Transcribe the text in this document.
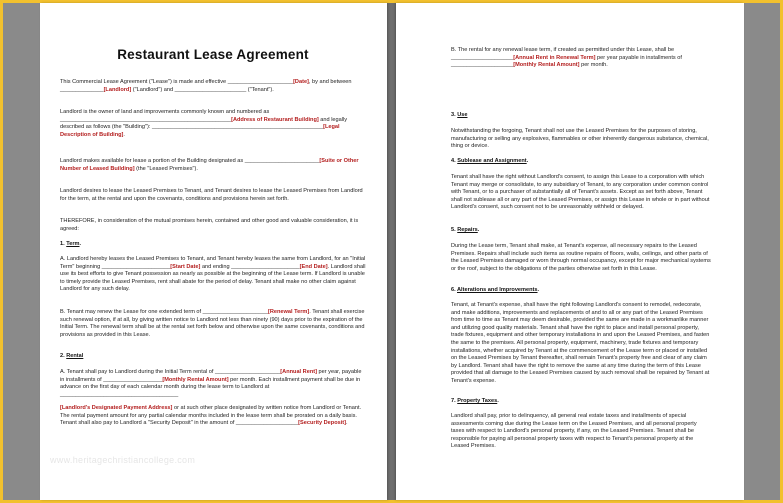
Restaurant Lease Agreement

This Commercial Lease Agreement ("Lease") is made and effective _____________________[Date], by and between ______________[Landlord] ("Landlord") and _______________________ ("Tenant").

Landlord is the owner of land and improvements commonly known and numbered as _______________________________________________________[Address of Restaurant Building] and legally described as follows (the "Building"): _______________________________________________________[Legal Description of Building].

Landlord makes available for lease a portion of the Building designated as ________________________[Suite or Other Number of Leased Building] (the "Leased Premises").

Landlord desires to lease the Leased Premises to Tenant, and Tenant desires to lease the Leased Premises from Landlord for the term, at the rental and upon the covenants, conditions and provisions herein set forth.

THEREFORE, in consideration of the mutual promises herein, contained and other good and valuable consideration, it is agreed:

1. Term.

A. Landlord hereby leases the Leased Premises to Tenant, and Tenant hereby leases the same from Landlord, for an "Initial Term" beginning ______________________[Start Date] and ending ______________________[End Date]. Landlord shall use its best efforts to give Tenant possession as nearly as possible at the beginning of the Lease term. If Landlord is unable to timely provide the Leased Premises, rent shall abate for the period of delay. Tenant shall make no other claim against Landlord for any such delay.

B. Tenant may renew the Lease for one extended term of _____________________[Renewal Term]. Tenant shall exercise such renewal option, if at all, by giving written notice to Landlord not less than ninety (90) days prior to the expiration of the Initial Term. The renewal term shall be at the rental set forth below and otherwise upon the same covenants, conditions and provisions as provided in this Lease.

2. Rental

A. Tenant shall pay to Landlord during the Initial Term rental of _____________________[Annual Rent] per year, payable in installments of ___________________[Monthly Rental Amount] per month. Each installment payment shall be due in advance on the first day of each calendar month during the lease term to Landlord at ______________________________________

[Landlord's Designated Payment Address] or at such other place designated by written notice from Landlord or Tenant. The rental payment amount for any partial calendar months included in the lease term shall be prorated on a daily basis. Tenant shall also pay to Landlord a "Security Deposit" in the amount of ____________________[Security Deposit].

www.heritagechristiancollege.com

B. The rental for any renewal lease term, if created as permitted under this Lease, shall be ____________________[Annual Rent in Renewal Term] per year payable in installments of ____________________[Monthly Rental Amount] per month.

3. Use

Notwithstanding the forgoing, Tenant shall not use the Leased Premises for the purposes of storing, manufacturing or selling any explosives, flammables or other inherently dangerous substance, chemical, thing or device.

4. Sublease and Assignment.

Tenant shall have the right without Landlord's consent, to assign this Lease to a corporation with which Tenant may merge or consolidate, to any subsidiary of Tenant, to any corporation under common control with Tenant, or to a purchaser of substantially all of Tenant's assets. Except as set forth above, Tenant shall not sublease all or any part of the Leased Premises, or assign this Lease in whole or in part without Landlord's consent, such consent not to be unreasonably withheld or delayed.

5. Repairs.

During the Lease term, Tenant shall make, at Tenant's expense, all necessary repairs to the Leased Premises. Repairs shall include such items as routine repairs of floors, walls, ceilings, and other parts of the Leased Premises damaged or worn through normal occupancy, except for major mechanical systems or the roof, subject to the obligations of the parties otherwise set forth in this Lease.

6. Alterations and Improvements.

Tenant, at Tenant's expense, shall have the right following Landlord's consent to remodel, redecorate, and make additions, improvements and replacements of and to all or any part of the Leased Premises from time to time as Tenant may deem desirable, provided the same are made in a workmanlike manner and utilizing good quality materials. Tenant shall have the right to place and install personal property, trade fixtures, equipment and other temporary installations in and upon the Leased Premises, and fasten the same to the premises. All personal property, equipment, machinery, trade fixtures and temporary installations, whether acquired by Tenant at the commencement of the Lease term or placed or installed on the Leased Premises by Tenant thereafter, shall remain Tenant's property free and clear of any claim by Landlord. Tenant shall have the right to remove the same at any time during the term of this Lease provided that all damage to the Leased Premises caused by such removal shall be repaired by Tenant at Tenant's expense.

7. Property Taxes.

Landlord shall pay, prior to delinquency, all general real estate taxes and installments of special assessments coming due during the Lease term on the Leased Premises, and all personal property taxes with respect to Landlord's personal property, if any, on the Leased Premises. Tenant shall be responsible for paying all personal property taxes with respect to Tenant's personal property at the Leased Premises.
